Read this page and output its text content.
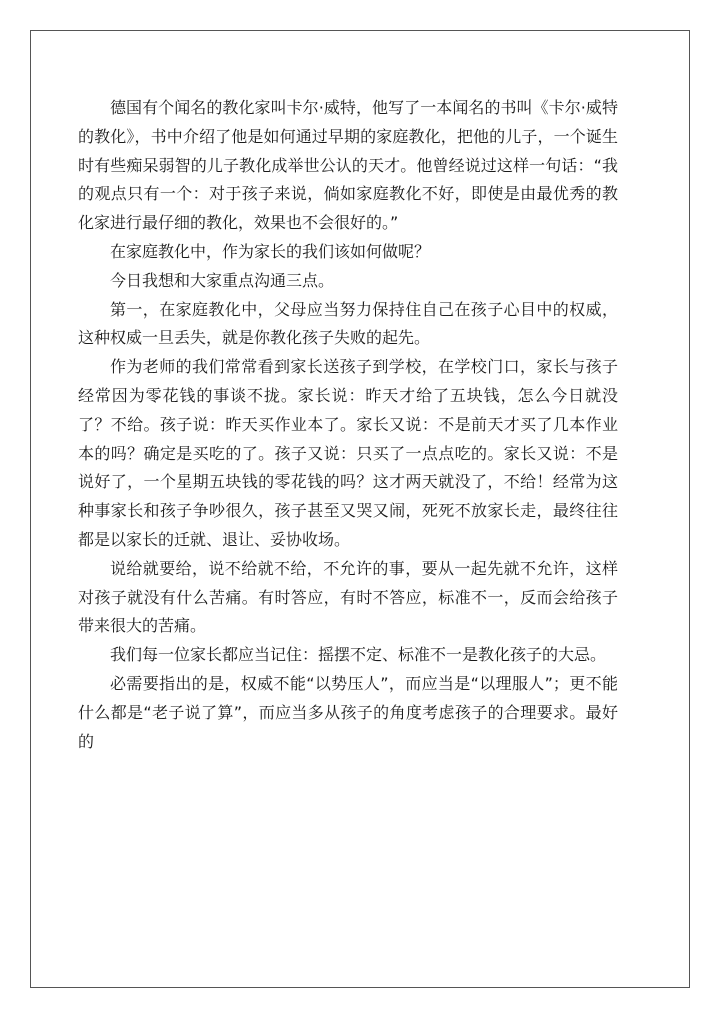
德国有个闻名的教化家叫卡尔·威特，他写了一本闻名的书叫《卡尔·威特的教化》，书中介绍了他是如何通过早期的家庭教化，把他的儿子，一个诞生时有些痴呆弱智的儿子教化成举世公认的天才。他曾经说过这样一句话：“我的观点只有一个：对于孩子来说，倘如家庭教化不好，即使是由最优秀的教化家进行最仔细的教化，效果也不会很好的。”

在家庭教化中，作为家长的我们该如何做呢？

今日我想和大家重点沟通三点。

第一，在家庭教化中，父母应当努力保持住自己在孩子心目中的权威，这种权威一旦丢失，就是你教化孩子失败的起先。

作为老师的我们常常看到家长送孩子到学校，在学校门口，家长与孩子经常因为零花钱的事谈不拢。家长说：昨天才给了五块钱，怎么今日就没了？不给。孩子说：昨天买作业本了。家长又说：不是前天才买了几本作业本的吗？确定是买吃的了。孩子又说：只买了一点点吃的。家长又说：不是说好了，一个星期五块钱的零花钱的吗？这才两天就没了，不给！经常为这种事家长和孩子争吵很久，孩子甚至又哭又闹，死死不放家长走，最终往往都是以家长的迁就、退让、妥协收场。

说给就要给，说不给就不给，不允许的事，要从一起先就不允许，这样对孩子就没有什么苦痛。有时答应，有时不答应，标准不一，反而会给孩子带来很大的苦痛。

我们每一位家长都应当记住：摇摆不定、标准不一是教化孩子的大忌。

必需要指出的是，权威不能“以势压人”，而应当是“以理服人”；更不能什么都是“老子说了算”，而应当多从孩子的角度考虑孩子的合理要求。最好的
